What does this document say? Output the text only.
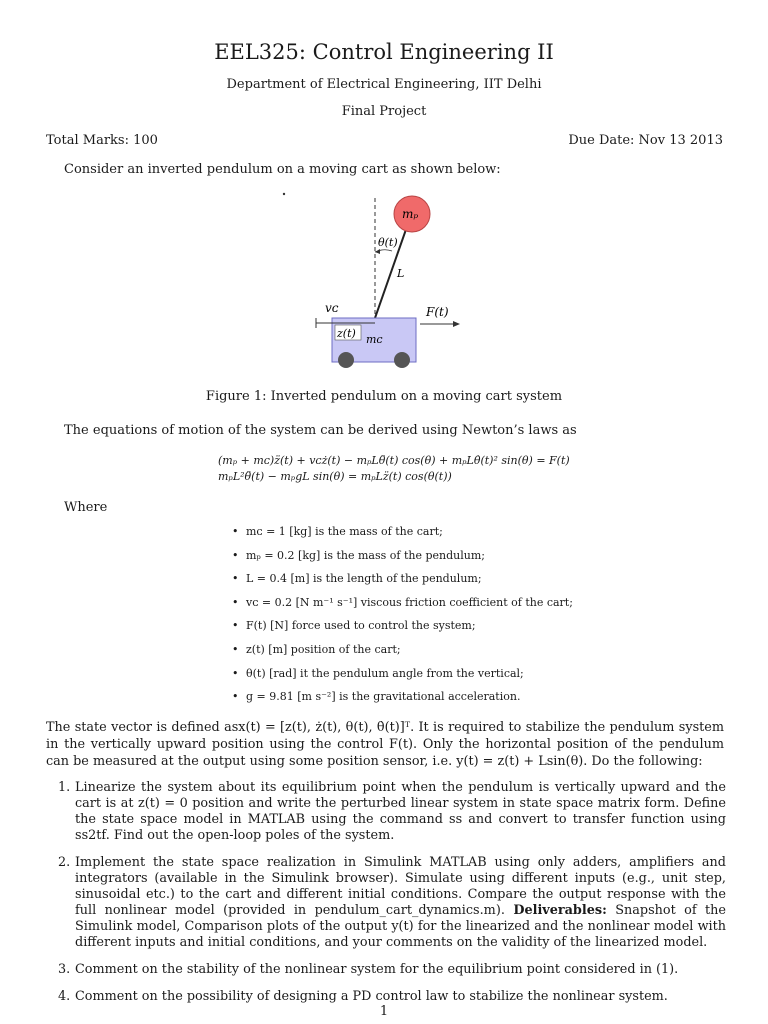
EEL325: Control Engineering II
Department of Electrical Engineering, IIT Delhi
Final Project
Total Marks: 100	Due Date: Nov 13 2013
Consider an inverted pendulum on a moving cart as shown below:
mₚ
θ(t)
L
vᴄ	F(t)
z(t) mᴄ
Figure 1: Inverted pendulum on a moving cart system
The equations of motion of the system can be derived using Newton’s laws as
(mₚ + mᴄ)z̈(t) + vᴄż(t) − mₚLθ̈(t) cos(θ) + mₚLθ̇(t)² sin(θ) = F(t)
mₚL²θ̈(t) − mₚgL sin(θ) = mₚLz̈(t) cos(θ(t))
Where
• mᴄ = 1 [kg] is the mass of the cart;
• mₚ = 0.2 [kg] is the mass of the pendulum;
• L = 0.4 [m] is the length of the pendulum;
• vᴄ = 0.2 [N m⁻¹ s⁻¹] viscous friction coefficient of the cart;
• F(t) [N] force used to control the system;
• z(t) [m] position of the cart;
• θ(t) [rad] it the pendulum angle from the vertical;
• g = 9.81 [m s⁻²] is the gravitational acceleration.
The state vector is defined asx(t) = [z(t), ż(t), θ(t), θ̇(t)]ᵀ. It is required to stabilize the pendulum system in the vertically upward position using the control F(t). Only the horizontal position of the pendulum can be measured at the output using some position sensor, i.e. y(t) = z(t) + Lsin(θ). Do the following:
1. Linearize the system about its equilibrium point when the pendulum is vertically upward and the cart is at z(t) = 0 position and write the perturbed linear system in state space matrix form. Define the state space model in MATLAB using the command ss and convert to transfer function using ss2tf. Find out the open-loop poles of the system.
2. Implement the state space realization in Simulink MATLAB using only adders, amplifiers and integrators (available in the Simulink browser). Simulate using different inputs (e.g., unit step, sinusoidal etc.) to the cart and different initial conditions. Compare the output response with the full nonlinear model (provided in pendulum_cart_dynamics.m). Deliverables: Snapshot of the Simulink model, Comparison plots of the output y(t) for the linearized and the nonlinear model with different inputs and initial conditions, and your comments on the validity of the linearized model.
3. Comment on the stability of the nonlinear system for the equilibrium point considered in (1).
4. Comment on the possibility of designing a PD control law to stabilize the nonlinear system.
1
